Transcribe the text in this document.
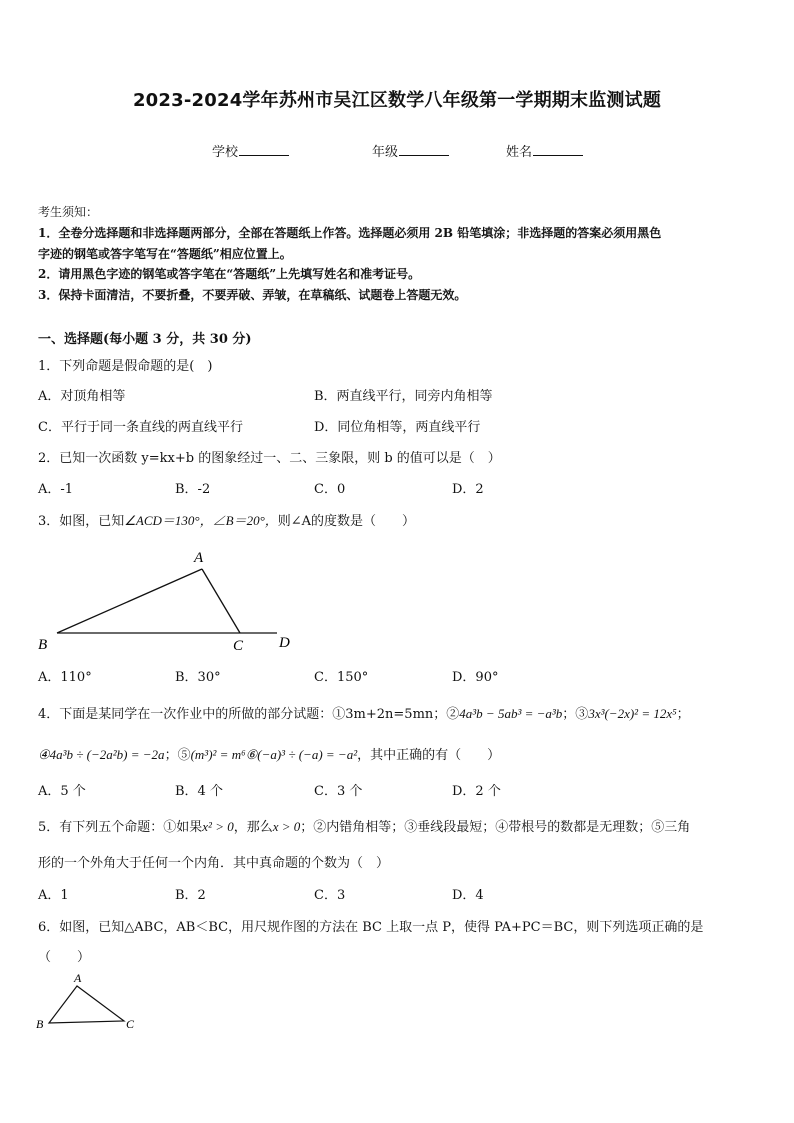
2023-2024学年苏州市吴江区数学八年级第一学期期末监测试题
学校	年级	姓名
考生须知：
1．全卷分选择题和非选择题两部分，全部在答题纸上作答。选择题必须用 2B 铅笔填涂；非选择题的答案必须用黑色
字迹的钢笔或答字笔写在“答题纸”相应位置上。
2．请用黑色字迹的钢笔或答字笔在“答题纸”上先填写姓名和准考证号。
3．保持卡面清洁，不要折叠，不要弄破、弄皱，在草稿纸、试题卷上答题无效。
一、选择题(每小题 3 分，共 30 分)
1．下列命题是假命题的是(　)
A．对顶角相等	B．两直线平行，同旁内角相等
C．平行于同一条直线的两直线平行	D．同位角相等，两直线平行
2．已知一次函数 y=kx+b 的图象经过一、二、三象限，则 b 的值可以是（　）
A．-1	B．-2	C．0	D．2
3．如图，已知∠ACD＝130°，∠B＝20°，则∠A的度数是（　　）
A
B	C D
A．110°	B．30°	C．150°	D．90°
4．下面是某同学在一次作业中的所做的部分试题：①3m+2n=5mn；②4a³b − 5ab³ = −a³b；③3x³(−2x)² = 12x⁵；
④4a³b ÷ (−2a²b) = −2a；⑤(m³)² = m⁶⑥(−a)³ ÷ (−a) = −a²，其中正确的有（　　）
A．5 个	B．4 个	C．3 个	D．2 个
5．有下列五个命题：①如果x² > 0，那么x > 0；②内错角相等；③垂线段最短；④带根号的数都是无理数；⑤三角
形的一个外角大于任何一个内角．其中真命题的个数为（　）
A．1	B．2	C．3	D．4
6．如图，已知△ABC，AB＜BC，用尺规作图的方法在 BC 上取一点 P，使得 PA+PC＝BC，则下列选项正确的是
（　　）
A
B	C
